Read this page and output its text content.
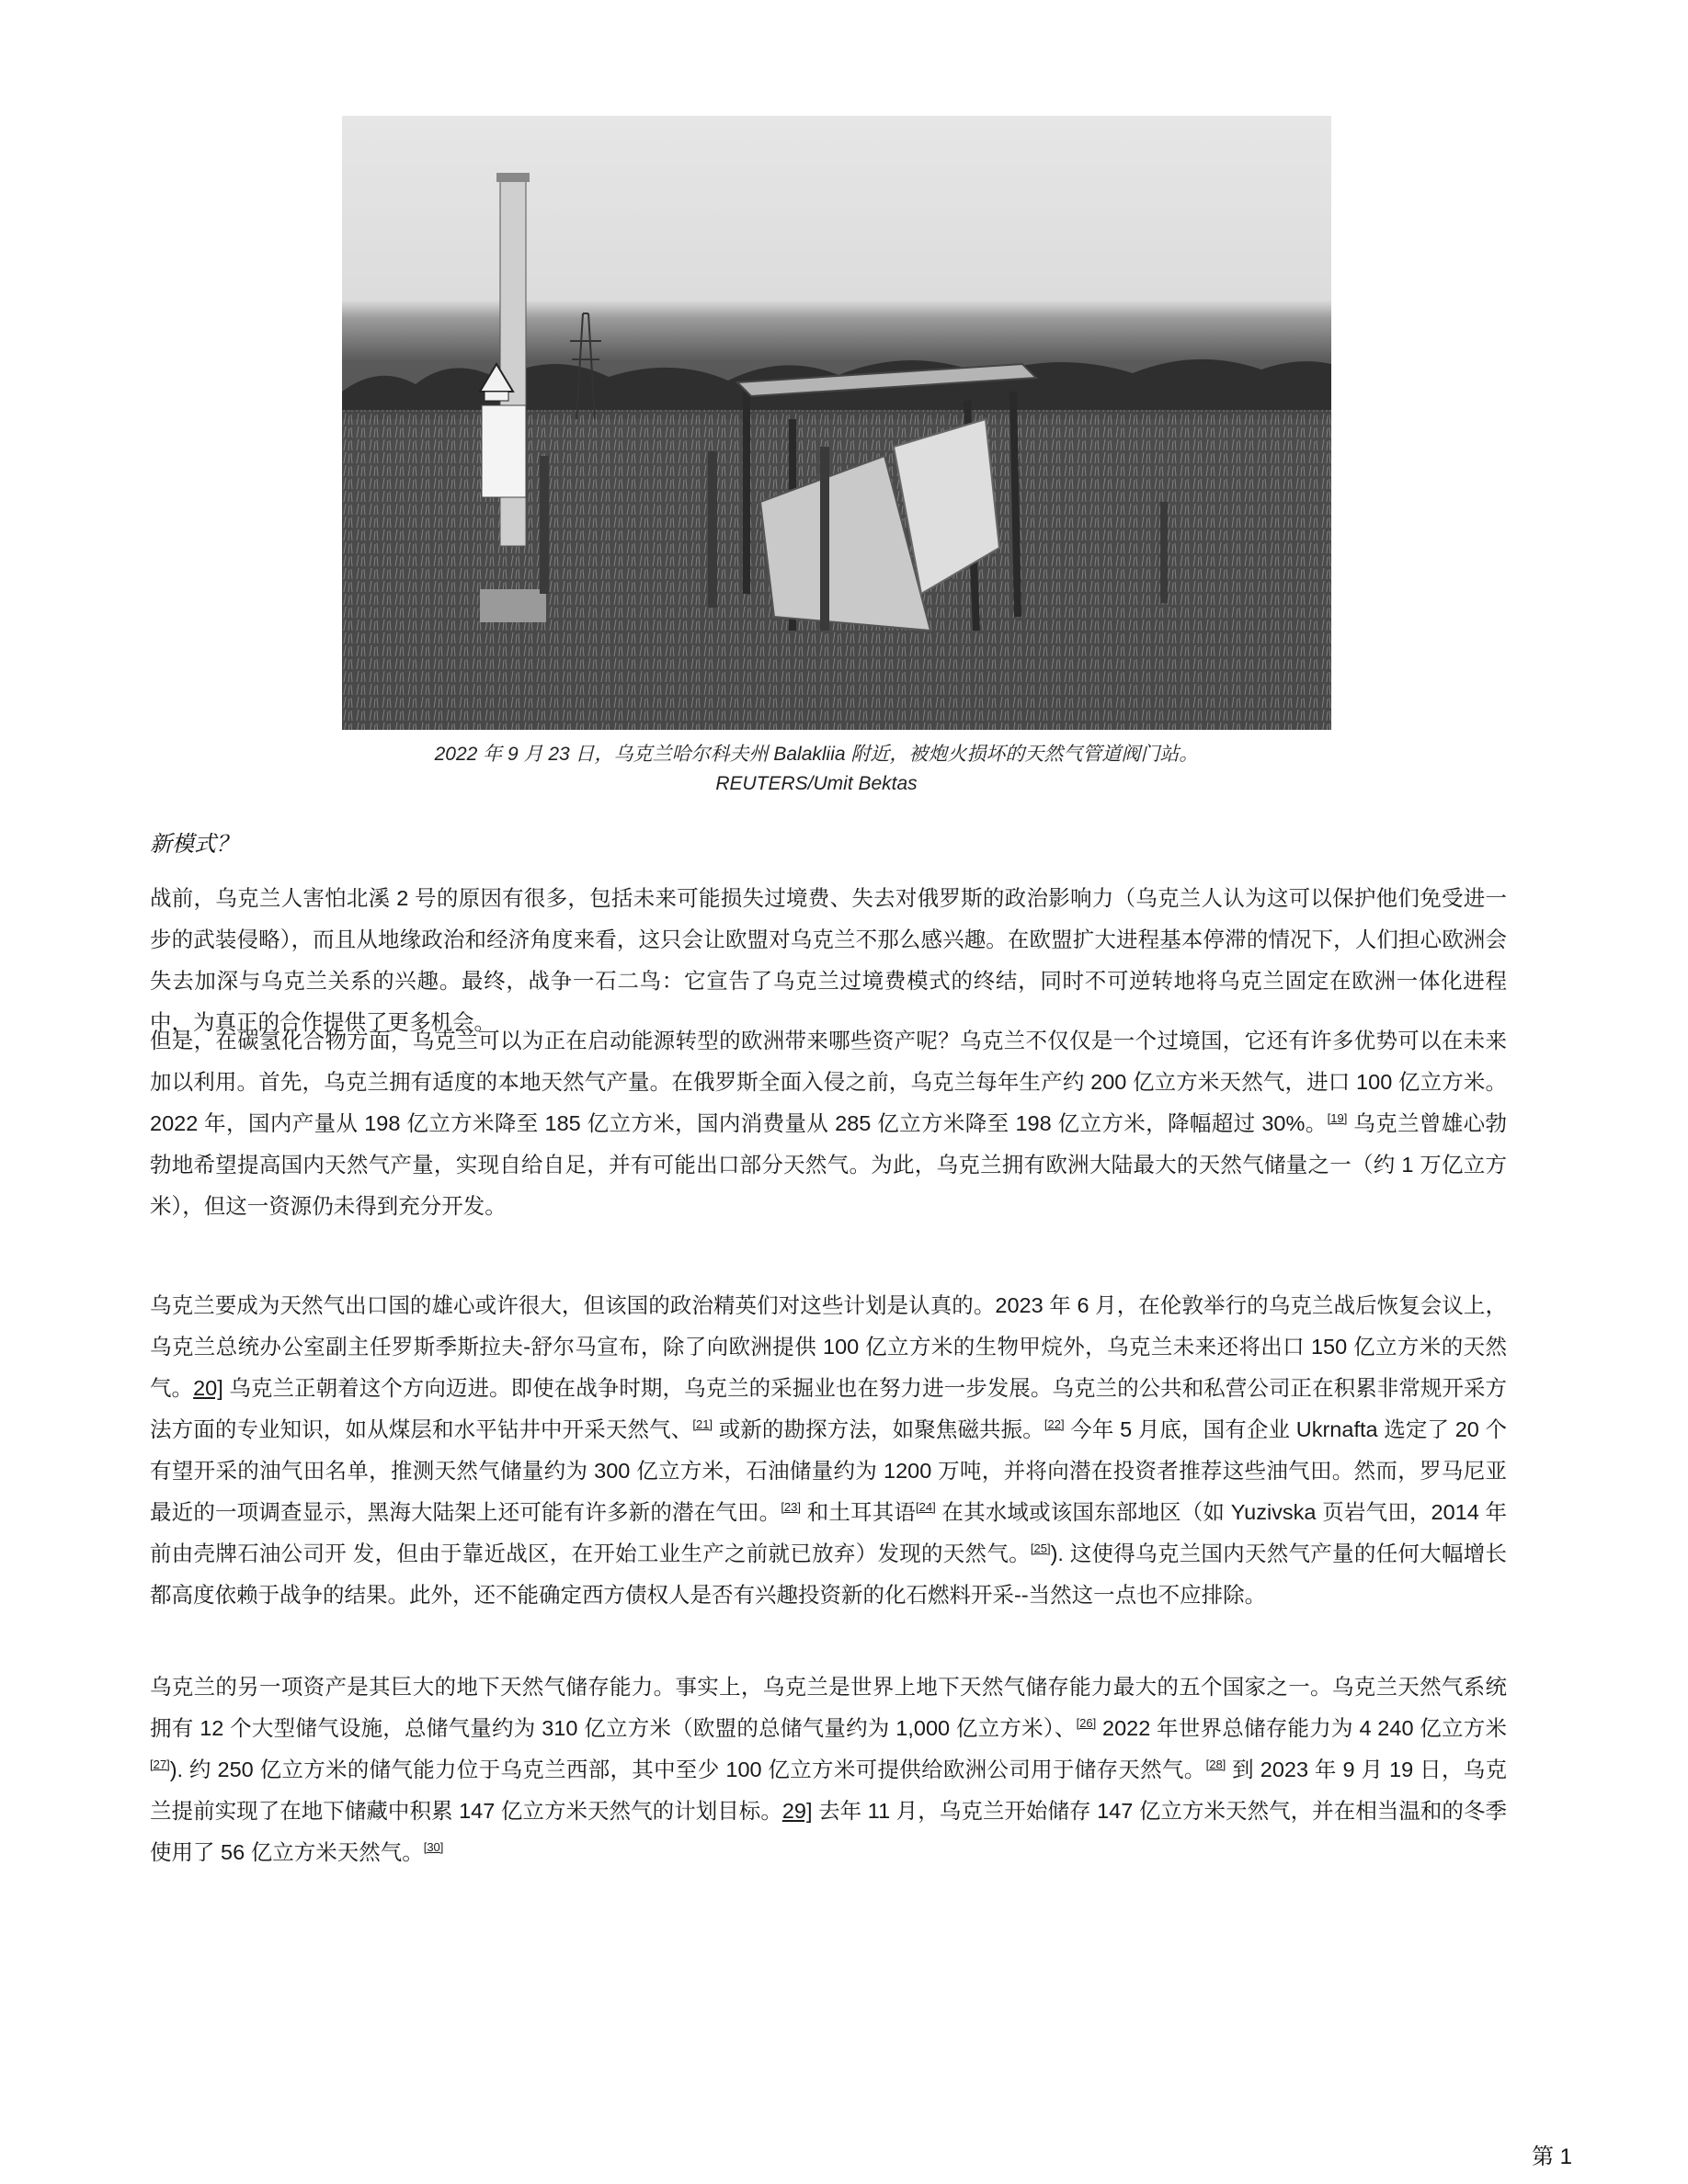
2022 年 9 月 23 日，乌克兰哈尔科夫州 Balakliia 附近，被炮火损坏的天然气管道阀门站。
REUTERS/Umit Bektas
新模式？
战前，乌克兰人害怕北溪 2 号的原因有很多，包括未来可能损失过境费、失去对俄罗斯的政治影响力（乌克兰人认为这可以保护他们免受进一步的武装侵略），而且从地缘政治和经济角度来看，这只会让欧盟对乌克兰不那么感兴趣。在欧盟扩大进程基本停滞的情况下，人们担心欧洲会失去加深与乌克兰关系的兴趣。最终，战争一石二鸟：它宣告了乌克兰过境费模式的终结，同时不可逆转地将乌克兰固定在欧洲一体化进程中，为真正的合作提供了更多机会。
但是，在碳氢化合物方面，乌克兰可以为正在启动能源转型的欧洲带来哪些资产呢？乌克兰不仅仅是一个过境国，它还有许多优势可以在未来加以利用。首先，乌克兰拥有适度的本地天然气产量。在俄罗斯全面入侵之前，乌克兰每年生产约 200 亿立方米天然气，进口 100 亿立方米。2022 年，国内产量从 198 亿立方米降至 185 亿立方米，国内消费量从 285 亿立方米降至 198 亿立方米，降幅超过 30%。[19] 乌克兰曾雄心勃勃地希望提高国内天然气产量，实现自给自足，并有可能出口部分天然气。为此，乌克兰拥有欧洲大陆最大的天然气储量之一（约 1 万亿立方米），但这一资源仍未得到充分开发。
乌克兰要成为天然气出口国的雄心或许很大，但该国的政治精英们对这些计划是认真的。2023 年 6 月，在伦敦举行的乌克兰战后恢复会议上，乌克兰总统办公室副主任罗斯季斯拉夫-舒尔马宣布，除了向欧洲提供 100 亿立方米的生物甲烷外，乌克兰未来还将出口 150 亿立方米的天然气。20] 乌克兰正朝着这个方向迈进。即使在战争时期，乌克兰的采掘业也在努力进一步发展。乌克兰的公共和私营公司正在积累非常规开采方法方面的专业知识，如从煤层和水平钻井中开采天然气、[21] 或新的勘探方法，如聚焦磁共振。[22] 今年 5 月底，国有企业 Ukrnafta 选定了 20 个有望开采的油气田名单，推测天然气储量约为 300 亿立方米，石油储量约为 1200 万吨，并将向潜在投资者推荐这些油气田。然而，罗马尼亚最近的一项调查显示，黑海大陆架上还可能有许多新的潜在气田。[23] 和土耳其语[24] 在其水域或该国东部地区（如 Yuzivska 页岩气田，2014 年前由壳牌石油公司开 发，但由于靠近战区，在开始工业生产之前就已放弃）发现的天然气。[25]). 这使得乌克兰国内天然气产量的任何大幅增长都高度依赖于战争的结果。此外，还不能确定西方债权人是否有兴趣投资新的化石燃料开采--当然这一点也不应排除。
乌克兰的另一项资产是其巨大的地下天然气储存能力。事实上，乌克兰是世界上地下天然气储存能力最大的五个国家之一。乌克兰天然气系统拥有 12 个大型储气设施，总储气量约为 310 亿立方米（欧盟的总储气量约为 1,000 亿立方米）、[26] 2022 年世界总储存能力为 4 240 亿立方米[27]). 约 250 亿立方米的储气能力位于乌克兰西部，其中至少 100 亿立方米可提供给欧洲公司用于储存天然气。[28] 到 2023 年 9 月 19 日，乌克兰提前实现了在地下储藏中积累 147 亿立方米天然气的计划目标。29] 去年 11 月，乌克兰开始储存 147 亿立方米天然气，并在相当温和的冬季使用了 56 亿立方米天然气。[30]
第 1
